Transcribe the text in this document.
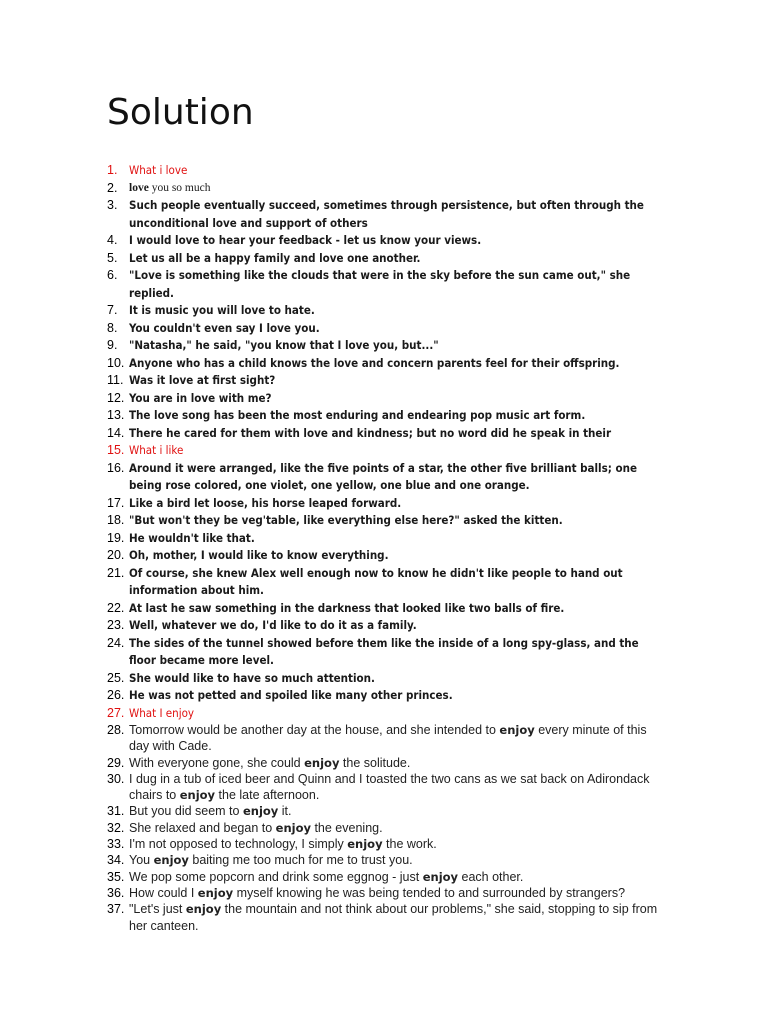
Solution
1. What i love
2. love you so much
3. Such people eventually succeed, sometimes through persistence, but often through the unconditional love and support of others
4. I would love to hear your feedback - let us know your views.
5. Let us all be a happy family and love one another.
6. "Love is something like the clouds that were in the sky before the sun came out," she replied.
7. It is music you will love to hate.
8. You couldn't even say I love you.
9. "Natasha," he said, "you know that I love you, but..."
10. Anyone who has a child knows the love and concern parents feel for their offspring.
11. Was it love at first sight?
12. You are in love with me?
13. The love song has been the most enduring and endearing pop music art form.
14. There he cared for them with love and kindness; but no word did he speak in their
15. What i like
16. Around it were arranged, like the five points of a star, the other five brilliant balls; one being rose colored, one violet, one yellow, one blue and one orange.
17. Like a bird let loose, his horse leaped forward.
18. "But won't they be veg'table, like everything else here?" asked the kitten.
19. He wouldn't like that.
20. Oh, mother, I would like to know everything.
21. Of course, she knew Alex well enough now to know he didn't like people to hand out information about him.
22. At last he saw something in the darkness that looked like two balls of fire.
23. Well, whatever we do, I'd like to do it as a family.
24. The sides of the tunnel showed before them like the inside of a long spy-glass, and the floor became more level.
25. She would like to have so much attention.
26. He was not petted and spoiled like many other princes.
27. What I enjoy
28. Tomorrow would be another day at the house, and she intended to enjoy every minute of this day with Cade.
29. With everyone gone, she could enjoy the solitude.
30. I dug in a tub of iced beer and Quinn and I toasted the two cans as we sat back on Adirondack chairs to enjoy the late afternoon.
31. But you did seem to enjoy it.
32. She relaxed and began to enjoy the evening.
33. I'm not opposed to technology, I simply enjoy the work.
34. You enjoy baiting me too much for me to trust you.
35. We pop some popcorn and drink some eggnog - just enjoy each other.
36. How could I enjoy myself knowing he was being tended to and surrounded by strangers?
37. "Let's just enjoy the mountain and not think about our problems," she said, stopping to sip from her canteen.
